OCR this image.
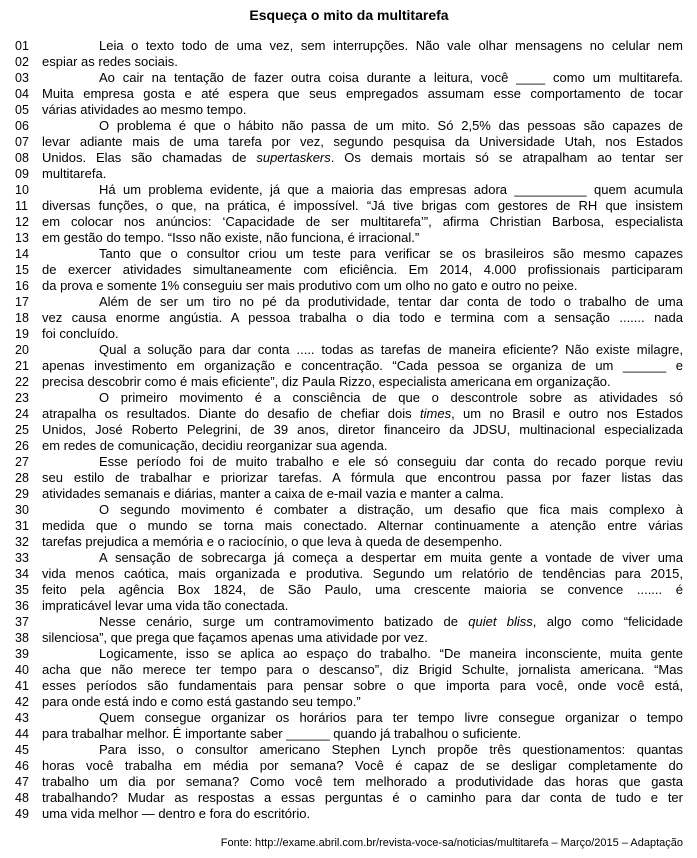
Esqueça o mito da multitarefa
01	Leia o texto todo de uma vez, sem interrupções. Não vale olhar mensagens no celular nem
02	espiar as redes sociais.
03	Ao cair na tentação de fazer outra coisa durante a leitura, você ____ como um multitarefa.
04	Muita empresa gosta e até espera que seus empregados assumam esse comportamento de tocar
05	várias atividades ao mesmo tempo.
06	O problema é que o hábito não passa de um mito. Só 2,5% das pessoas são capazes de
07	levar adiante mais de uma tarefa por vez, segundo pesquisa da Universidade Utah, nos Estados
08	Unidos. Elas são chamadas de supertaskers. Os demais mortais só se atrapalham ao tentar ser
09	multitarefa.
10	Há um problema evidente, já que a maioria das empresas adora __________ quem acumula
11	diversas funções, o que, na prática, é impossível. “Já tive brigas com gestores de RH que insistem
12	em colocar nos anúncios: ‘Capacidade de ser multitarefa’”, afirma Christian Barbosa, especialista
13	em gestão do tempo. “Isso não existe, não funciona, é irracional.”
14	Tanto que o consultor criou um teste para verificar se os brasileiros são mesmo capazes
15	de exercer atividades simultaneamente com eficiência. Em 2014, 4.000 profissionais participaram
16	da prova e somente 1% conseguiu ser mais produtivo com um olho no gato e outro no peixe.
17	Além de ser um tiro no pé da produtividade, tentar dar conta de todo o trabalho de uma
18	vez causa enorme angústia. A pessoa trabalha o dia todo e termina com a sensação ....... nada
19	foi concluído.
20	Qual a solução para dar conta ..... todas as tarefas de maneira eficiente? Não existe milagre,
21	apenas investimento em organização e concentração. “Cada pessoa se organiza de um ______ e
22	precisa descobrir como é mais eficiente”, diz Paula Rizzo, especialista americana em organização.
23	O primeiro movimento é a consciência de que o descontrole sobre as atividades só
24	atrapalha os resultados. Diante do desafio de chefiar dois times, um no Brasil e outro nos Estados
25	Unidos, José Roberto Pelegrini, de 39 anos, diretor financeiro da JDSU, multinacional especializada
26	em redes de comunicação, decidiu reorganizar sua agenda.
27	Esse período foi de muito trabalho e ele só conseguiu dar conta do recado porque reviu
28	seu estilo de trabalhar e priorizar tarefas. A fórmula que encontrou passa por fazer listas das
29	atividades semanais e diárias, manter a caixa de e-mail vazia e manter a calma.
30	O segundo movimento é combater a distração, um desafio que fica mais complexo à
31	medida que o mundo se torna mais conectado. Alternar continuamente a atenção entre várias
32	tarefas prejudica a memória e o raciocínio, o que leva à queda de desempenho.
33	A sensação de sobrecarga já começa a despertar em muita gente a vontade de viver uma
34	vida menos caótica, mais organizada e produtiva. Segundo um relatório de tendências para 2015,
35	feito pela agência Box 1824, de São Paulo, uma crescente maioria se convence ....... é
36	impraticável levar uma vida tão conectada.
37	Nesse cenário, surge um contramovimento batizado de quiet bliss, algo como “felicidade
38	silenciosa”, que prega que façamos apenas uma atividade por vez.
39	Logicamente, isso se aplica ao espaço do trabalho. “De maneira inconsciente, muita gente
40	acha que não merece ter tempo para o descanso”, diz Brigid Schulte, jornalista americana. “Mas
41	esses períodos são fundamentais para pensar sobre o que importa para você, onde você está,
42	para onde está indo e como está gastando seu tempo.”
43	Quem consegue organizar os horários para ter tempo livre consegue organizar o tempo
44	para trabalhar melhor. É importante saber ______ quando já trabalhou o suficiente.
45	Para isso, o consultor americano Stephen Lynch propõe três questionamentos: quantas
46	horas você trabalha em média por semana? Você é capaz de se desligar completamente do
47	trabalho um dia por semana? Como você tem melhorado a produtividade das horas que gasta
48	trabalhando? Mudar as respostas a essas perguntas é o caminho para dar conta de tudo e ter
49	uma vida melhor — dentro e fora do escritório.
Fonte: http://exame.abril.com.br/revista-voce-sa/noticias/multitarefa – Março/2015 – Adaptação
